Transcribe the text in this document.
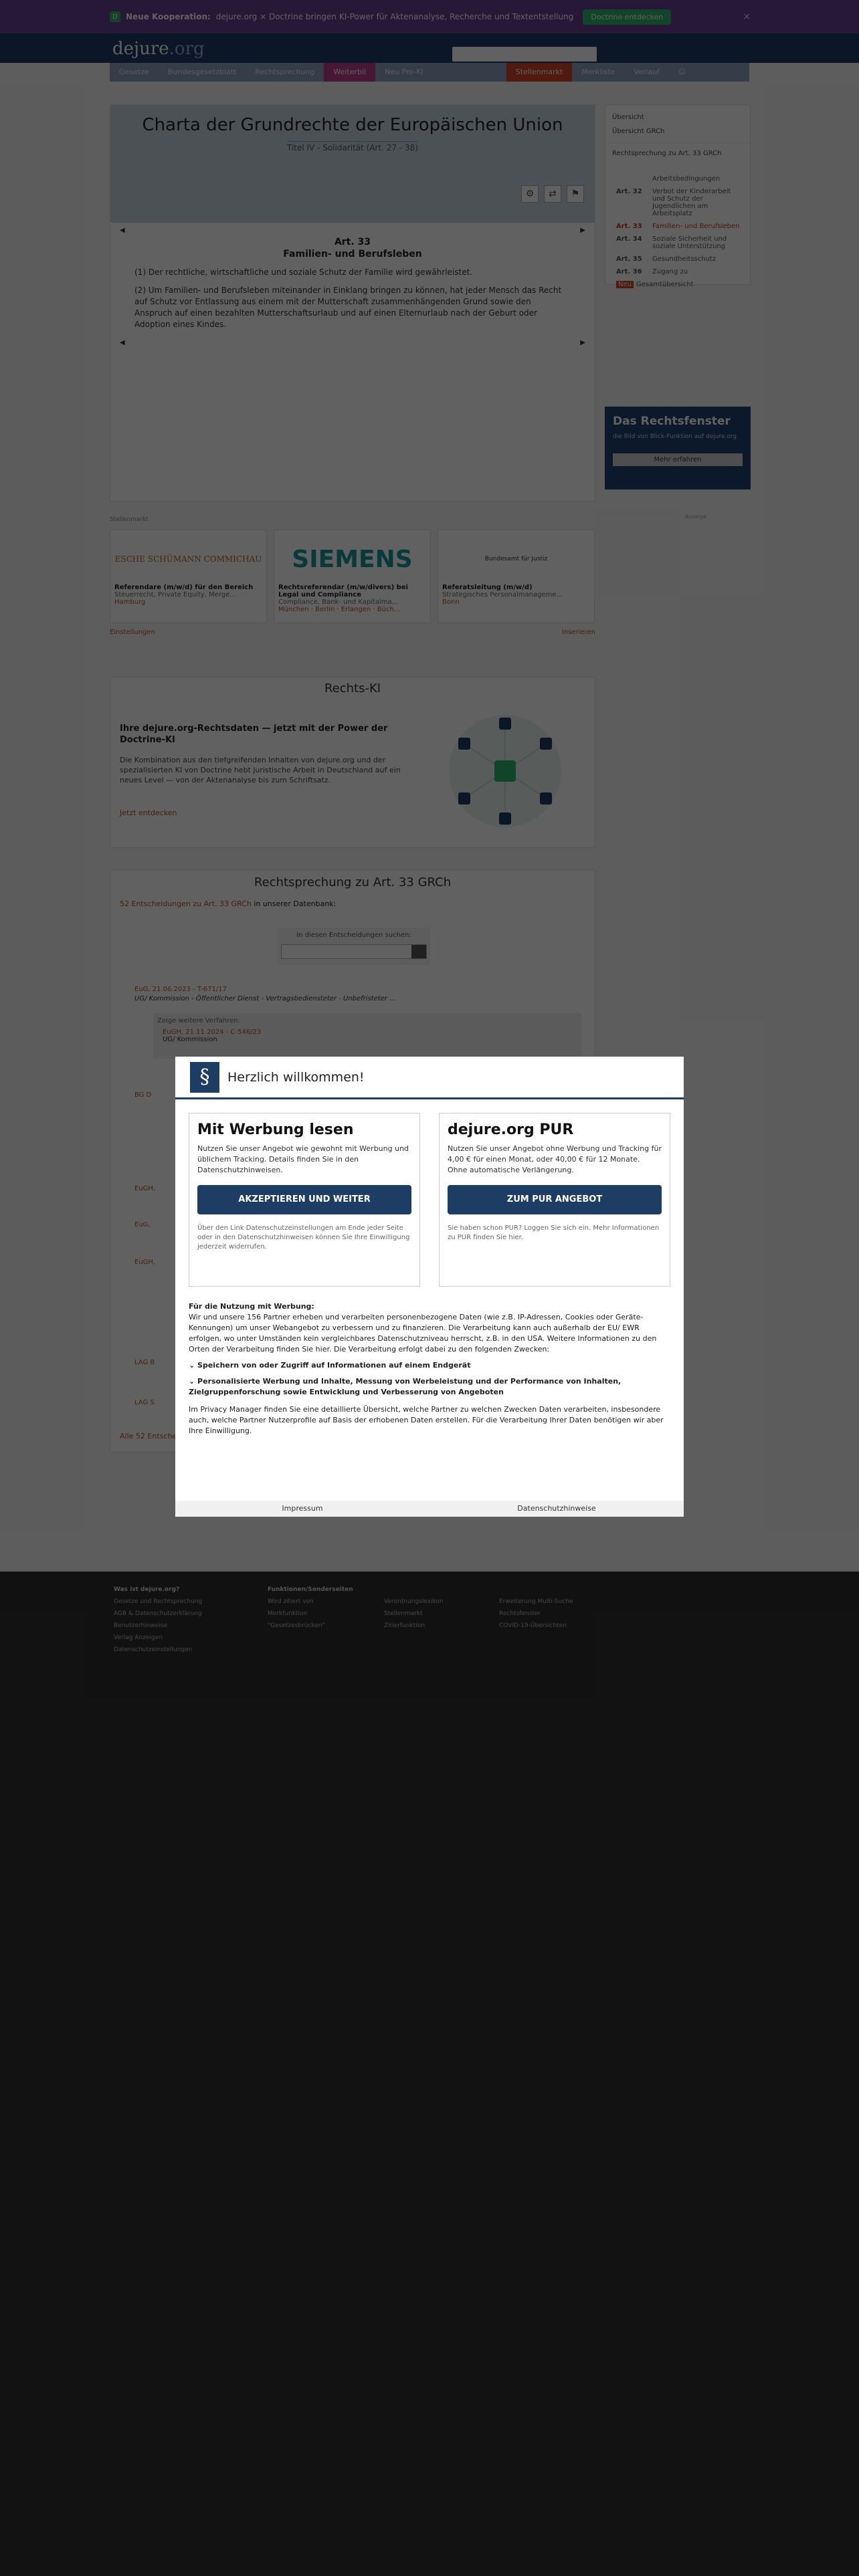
§	Herzlich willkommen!
Mit Werbung lesen

Nutzen Sie unser Angebot wie gewohnt mit Werbung und üblichem Tracking. Details finden Sie in den Datenschutzhinweisen.

AKZEPTIEREN UND WEITER
Über den Link Datenschutzeinstellungen am Ende jeder Seite oder in den Datenschutzhinweisen können Sie Ihre Einwilligung jederzeit widerrufen.
dejure.org PUR

Nutzen Sie unser Angebot ohne Werbung und Tracking für 4,00 € für einen Monat, oder 40,00 € für 12 Monate. Ohne automatische Verlängerung.

ZUM PUR ANGEBOT
Sie haben schon PUR? Loggen Sie sich ein. Mehr Informationen zu PUR finden Sie hier.
Für die Nutzung mit Werbung:

Wir und unsere 156 Partner erheben und verarbeiten personenbezogene Daten (wie z.B. IP-Adressen, Cookies oder Geräte-Kennungen) um unser Webangebot zu verbessern und zu finanzieren. Die Verarbeitung kann auch außerhalb der EU/ EWR erfolgen, wo unter Umständen kein vergleichbares Datenschutzniveau herrscht, z.B. in den USA. Weitere Informationen zu den Orten der Verarbeitung finden Sie hier. Die Verarbeitung erfolgt dabei zu den folgenden Zwecken:

⌄ Speichern von oder Zugriff auf Informationen auf einem Endgerät

⌄ Personalisierte Werbung und Inhalte, Messung von Werbeleistung und der Performance von Inhalten, Zielgruppenforschung sowie Entwicklung und Verbesserung von Angeboten

Im Privacy Manager finden Sie eine detaillierte Übersicht, welche Partner zu welchen Zwecken Daten verarbeiten, insbesondere auch, welche Partner Nutzerprofile auf Basis der erhobenen Daten erstellen. Für die Verarbeitung Ihrer Daten benötigen wir aber Ihre Einwilligung.

Impressum	Datenschutzhinweise
